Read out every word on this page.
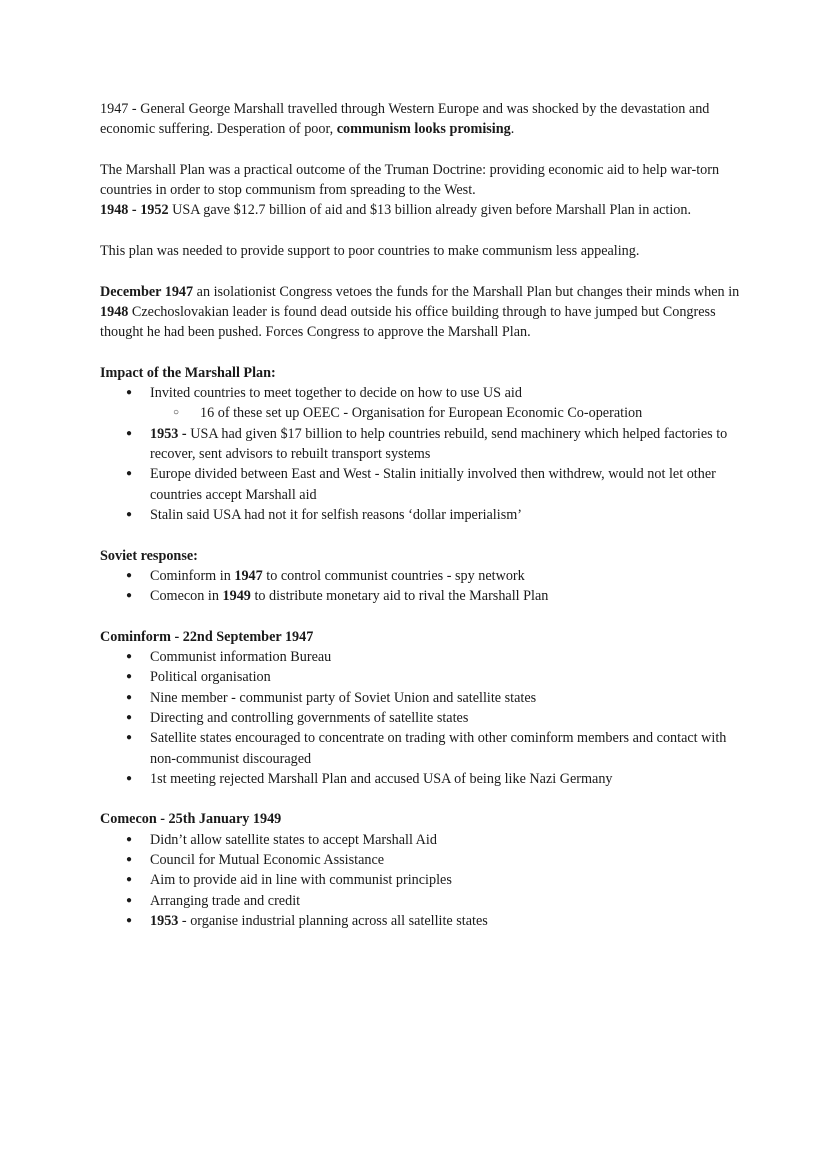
1947 - General George Marshall travelled through Western Europe and was shocked by the devastation and economic suffering. Desperation of poor, communism looks promising.

The Marshall Plan was a practical outcome of the Truman Doctrine: providing economic aid to help war-torn countries in order to stop communism from spreading to the West.

1948 - 1952 USA gave $12.7 billion of aid and $13 billion already given before Marshall Plan in action.

This plan was needed to provide support to poor countries to make communism less appealing.

December 1947 an isolationist Congress vetoes the funds for the Marshall Plan but changes their minds when in 1948 Czechoslovakian leader is found dead outside his office building through to have jumped but Congress thought he had been pushed. Forces Congress to approve the Marshall Plan.

Impact of the Marshall Plan:
● Invited countries to meet together to decide on how to use US aid
○ 16 of these set up OEEC - Organisation for European Economic Co-operation
● 1953 - USA had given $17 billion to help countries rebuild, send machinery which helped factories to recover, sent advisors to rebuilt transport systems
● Europe divided between East and West - Stalin initially involved then withdrew, would not let other countries accept Marshall aid
● Stalin said USA had not it for selfish reasons ‘dollar imperialism’
Soviet response:
● Cominform in 1947 to control communist countries - spy network
● Comecon in 1949 to distribute monetary aid to rival the Marshall Plan
Cominform - 22nd September 1947
● Communist information Bureau
● Political organisation
● Nine member - communist party of Soviet Union and satellite states
● Directing and controlling governments of satellite states
● Satellite states encouraged to concentrate on trading with other cominform members and contact with non-communist discouraged
● 1st meeting rejected Marshall Plan and accused USA of being like Nazi Germany
Comecon - 25th January 1949
● Didn’t allow satellite states to accept Marshall Aid
● Council for Mutual Economic Assistance
● Aim to provide aid in line with communist principles
● Arranging trade and credit
● 1953 - organise industrial planning across all satellite states
